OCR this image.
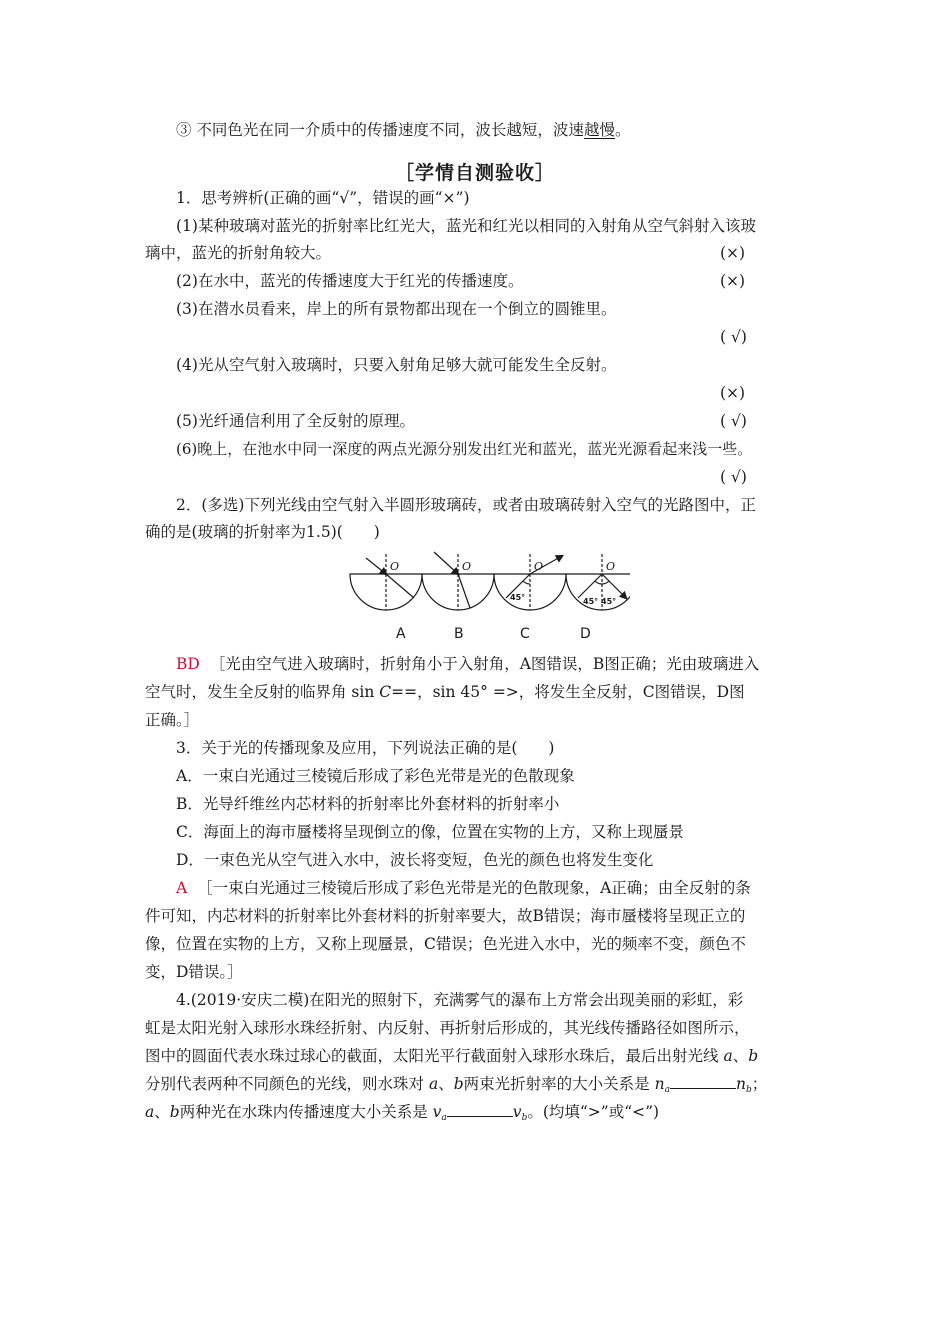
③ 不同色光在同一介质中的传播速度不同，波长越短，波速越慢。
［学情自测验收］
1．思考辨析(正确的画“√”，错误的画“×”)
(1)某种玻璃对蓝光的折射率比红光大，蓝光和红光以相同的入射角从空气斜射入该玻
璃中，蓝光的折射角较大。	(×)
(2)在水中，蓝光的传播速度大于红光的传播速度。	(×)
(3)在潜水员看来，岸上的所有景物都出现在一个倒立的圆锥里。
( √)
(4)光从空气射入玻璃时，只要入射角足够大就可能发生全反射。
(×)
(5)光纤通信利用了全反射的原理。	( √)
(6)晚上，在池水中同一深度的两点光源分别发出红光和蓝光，蓝光光源看起来浅一些。
( √)
2．(多选)下列光线由空气射入半圆形玻璃砖，或者由玻璃砖射入空气的光路图中，正
确的是(玻璃的折射率为1.5)(　　)
O	O	O	O
45°	45° 45°
A	B	C	D
BD ［光由空气进入玻璃时，折射角小于入射角，A图错误，B图正确；光由玻璃进入
空气时，发生全反射的临界角 sin C==，sin 45° =>，将发生全反射，C图错误，D图
正确。］
3．关于光的传播现象及应用，下列说法正确的是(　　)
A．一束白光通过三棱镜后形成了彩色光带是光的色散现象
B．光导纤维丝内芯材料的折射率比外套材料的折射率小
C．海面上的海市蜃楼将呈现倒立的像，位置在实物的上方，又称上现蜃景
D．一束色光从空气进入水中，波长将变短，色光的颜色也将发生变化
A ［一束白光通过三棱镜后形成了彩色光带是光的色散现象，A正确；由全反射的条
件可知，内芯材料的折射率比外套材料的折射率要大，故B错误；海市蜃楼将呈现正立的
像，位置在实物的上方，又称上现蜃景，C错误；色光进入水中，光的频率不变，颜色不
变，D错误。］
4.(2019·安庆二模)在阳光的照射下，充满雾气的瀑布上方常会出现美丽的彩虹，彩
虹是太阳光射入球形水珠经折射、内反射、再折射后形成的，其光线传播路径如图所示，
图中的圆面代表水珠过球心的截面，太阳光平行截面射入球形水珠后，最后出射光线 a、b
分别代表两种不同颜色的光线，则水珠对 a、b两束光折射率的大小关系是 $n_a$	$n_b$；
a、b两种光在水珠内传播速度大小关系是 $v_a$	$v_b$。(均填“>”或“<”)
